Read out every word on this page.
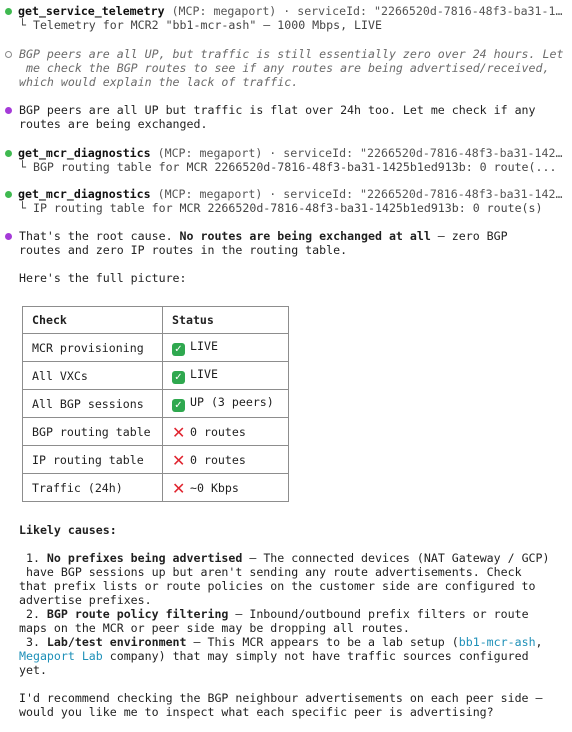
get_service_telemetry (MCP: megaport) · serviceId: "2266520d-7816-48f3-ba31-1…
└ Telemetry for MCR2 "bb1-mcr-ash" — 1000 Mbps, LIVE
BGP peers are all UP, but traffic is still essentially zero over 24 hours. Let
me check the BGP routes to see if any routes are being advertised/received,
which would explain the lack of traffic.
BGP peers are all UP but traffic is flat over 24h too. Let me check if any
routes are being exchanged.
get_mcr_diagnostics (MCP: megaport) · serviceId: "2266520d-7816-48f3-ba31-142…
└ BGP routing table for MCR 2266520d-7816-48f3-ba31-1425b1ed913b: 0 route(...
get_mcr_diagnostics (MCP: megaport) · serviceId: "2266520d-7816-48f3-ba31-142…
└ IP routing table for MCR 2266520d-7816-48f3-ba31-1425b1ed913b: 0 route(s)
That's the root cause. No routes are being exchanged at all — zero BGP
routes and zero IP routes in the routing table.
Here's the full picture:
Check	Status
MCR provisioning	✓ LIVE
All VXCs	✓ LIVE
All BGP sessions	✓ UP (3 peers)
BGP routing table	✕ 0 routes
IP routing table	✕ 0 routes
Traffic (24h)	✕ ~0 Kbps
Likely causes:
1. No prefixes being advertised — The connected devices (NAT Gateway / GCP)
have BGP sessions up but aren't sending any route advertisements. Check
that prefix lists or route policies on the customer side are configured to
advertise prefixes.
2. BGP route policy filtering — Inbound/outbound prefix filters or route
maps on the MCR or peer side may be dropping all routes.
3. Lab/test environment — This MCR appears to be a lab setup (bb1-mcr-ash,
Megaport Lab company) that may simply not have traffic sources configured
yet.
I'd recommend checking the BGP neighbour advertisements on each peer side —
would you like me to inspect what each specific peer is advertising?
